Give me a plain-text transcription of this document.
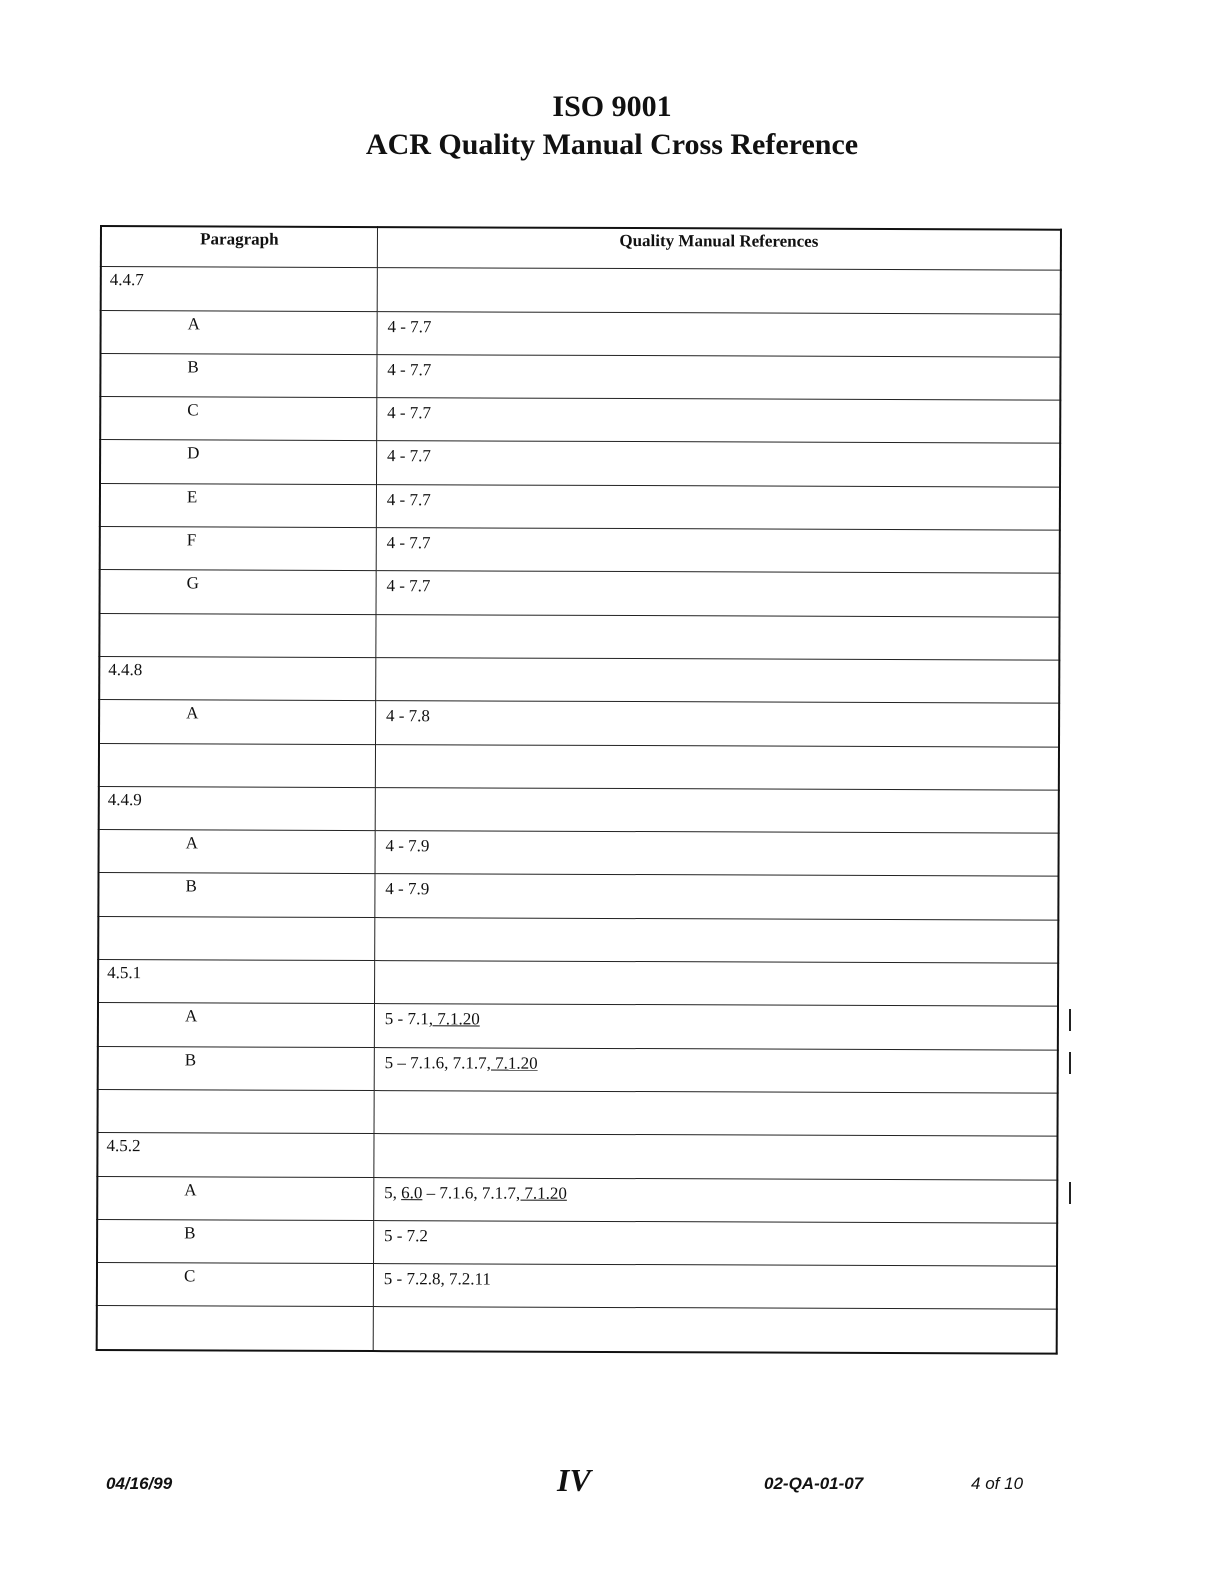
ISO 9001
ACR Quality Manual Cross Reference
Paragraph	Quality Manual References
4.4.7	
A	4 - 7.7
B	4 - 7.7
C	4 - 7.7
D	4 - 7.7
E	4 - 7.7
F	4 - 7.7
G	4 - 7.7

4.4.8	
A	4 - 7.8

4.4.9	
A	4 - 7.9
B	4 - 7.9

4.5.1	
A	5 - 7.1, 7.1.20
B	5 – 7.1.6, 7.1.7, 7.1.20

4.5.2	
A	5, 6.0 – 7.1.6, 7.1.7, 7.1.20
B	5 - 7.2
C	5 - 7.2.8, 7.2.11

04/16/99	IV	02-QA-01-07	4 of 10
